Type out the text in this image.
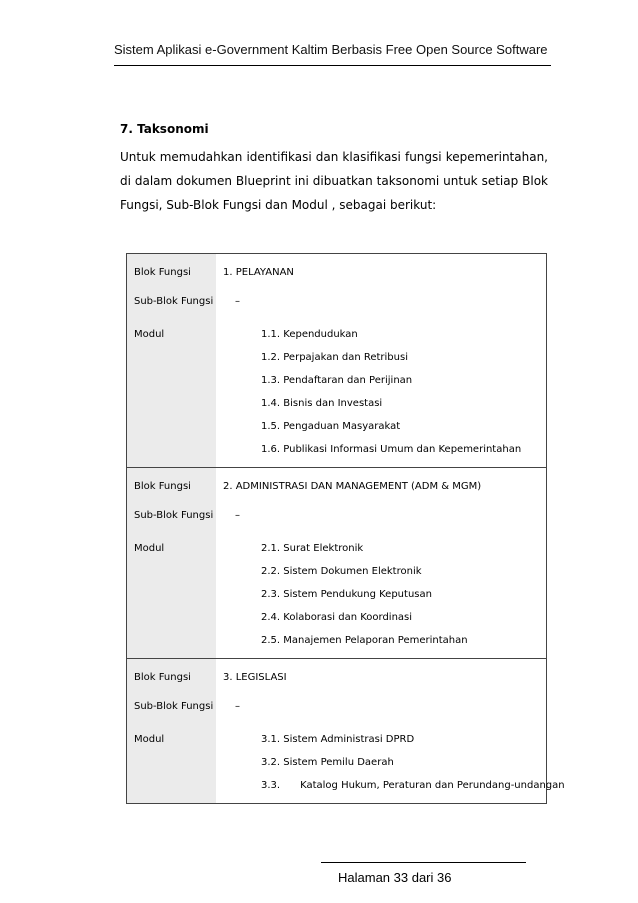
Sistem Aplikasi e-Government Kaltim Berbasis Free Open Source Software
7. Taksonomi
Untuk memudahkan identifikasi dan klasifikasi fungsi kepemerintahan, di dalam dokumen Blueprint ini dibuatkan taksonomi untuk setiap Blok Fungsi, Sub-Blok Fungsi dan Modul , sebagai berikut:
Blok Fungsi	1. PELAYANAN
Sub-Blok Fungsi	–
Modul	1.1. Kependudukan
	1.2. Perpajakan dan Retribusi
	1.3. Pendaftaran dan Perijinan
	1.4. Bisnis dan Investasi
	1.5. Pengaduan Masyarakat
	1.6. Publikasi Informasi Umum dan Kepemerintahan
Blok Fungsi	2. ADMINISTRASI DAN MANAGEMENT (ADM & MGM)
Sub-Blok Fungsi	–
Modul	2.1. Surat Elektronik
	2.2. Sistem Dokumen Elektronik
	2.3. Sistem Pendukung Keputusan
	2.4. Kolaborasi dan Koordinasi
	2.5. Manajemen Pelaporan Pemerintahan
Blok Fungsi	3. LEGISLASI
Sub-Blok Fungsi	–
Modul	3.1. Sistem Administrasi DPRD
	3.2. Sistem Pemilu Daerah
	3.3. Katalog Hukum, Peraturan dan Perundang-undangan
Halaman 33 dari 36
